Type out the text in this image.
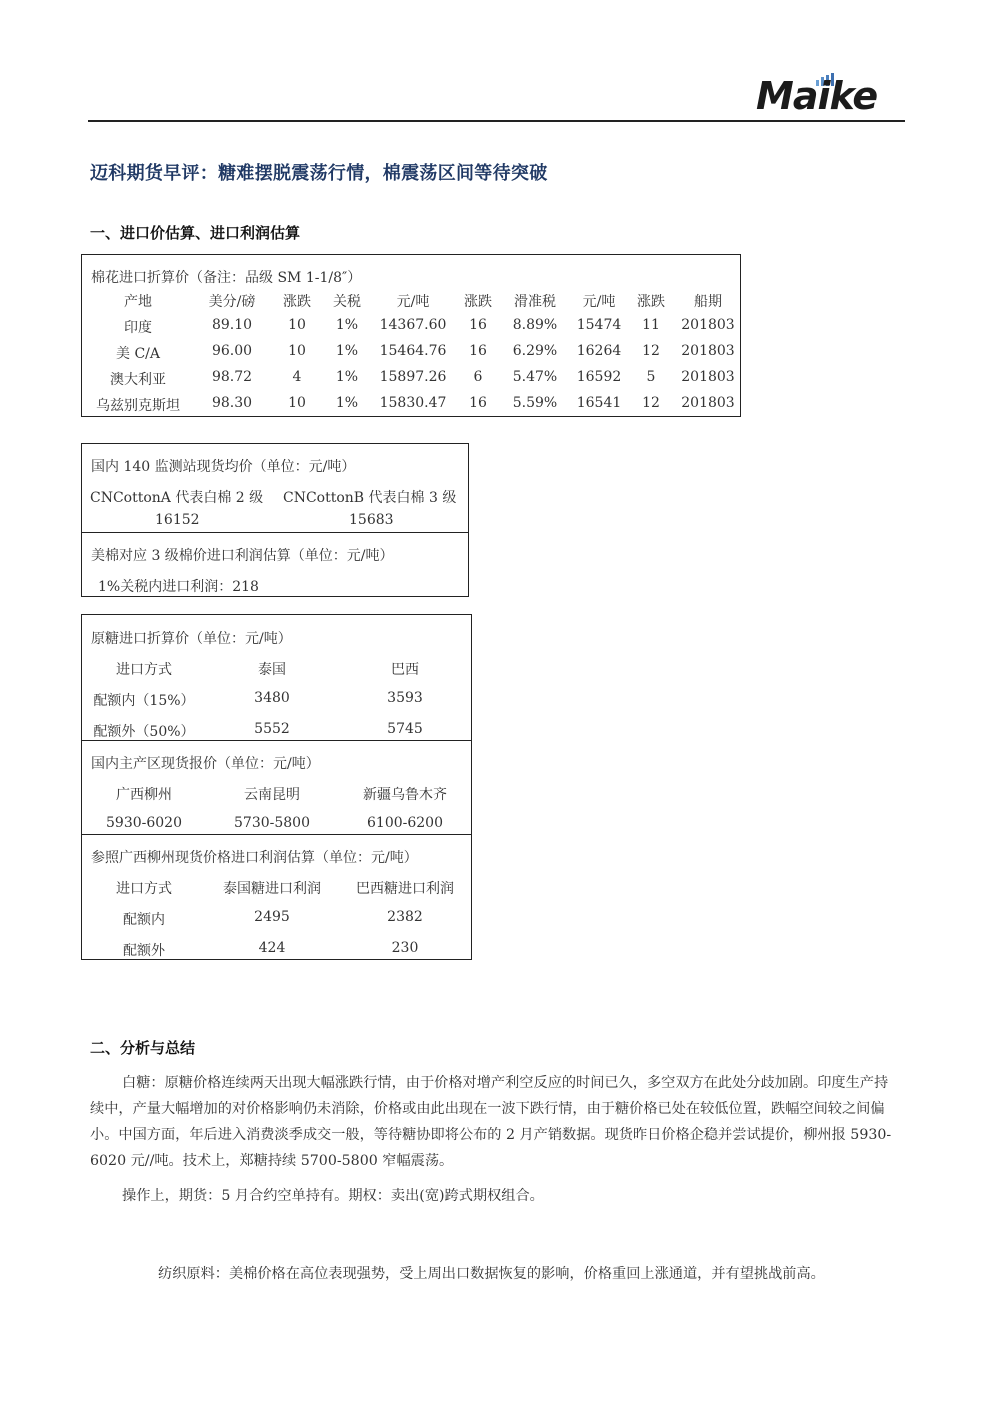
Maike
迈科期货早评：糖难摆脱震荡行情，棉震荡区间等待突破
一、进口价估算、进口利润估算
棉花进口折算价（备注：品级 SM 1-1/8″）
产地	美分/磅 涨跌 关税	元/吨 涨跌 滑准税 元/吨 涨跌 船期
印度	89.10	10 1% 14367.60 16 8.89% 15474 11 201803
美 C/A	96.00	10 1% 15464.76 16 6.29% 16264 12 201803
澳大利亚	98.72	4 1% 15897.26 6 5.47% 16592 5 201803
乌兹别克斯坦 98.30	10 1% 15830.47 16 5.59% 16541 12 201803
国内 140 监测站现货均价（单位：元/吨）
CNCottonA 代表白棉 2 级 CNCottonB 代表白棉 3 级
16152	15683
美棉对应 3 级棉价进口利润估算（单位：元/吨）
1%关税内进口利润：218
原糖进口折算价（单位：元/吨）
国内主产区现货报价（单位：元/吨）
参照广西柳州现货价格进口利润估算（单位：元/吨）
进口方式	泰国	巴西
配额内（15%）	3480	3593
配额外（50%）	5552	5745
广西柳州	云南昆明	新疆乌鲁木齐
5930-6020	5730-5800	6100-6200
进口方式	泰国糖进口利润	巴西糖进口利润
配额内	2495	2382
配额外	424	230
二、分析与总结

白糖：原糖价格连续两天出现大幅涨跌行情，由于价格对增产利空反应的时间已久，多空双方在此处分歧加剧。印度生产持续中，产量大幅增加的对价格影响仍未消除，价格或由此出现在一波下跌行情，由于糖价格已处在较低位置，跌幅空间较之间偏小。中国方面，年后进入消费淡季成交一般，等待糖协即将公布的 2 月产销数据。现货昨日价格企稳并尝试提价，柳州报 5930-6020 元//吨。技术上，郑糖持续 5700-5800 窄幅震荡。

操作上，期货：5 月合约空单持有。期权：卖出(宽)跨式期权组合。

纺织原料：美棉价格在高位表现强势，受上周出口数据恢复的影响，价格重回上涨通道，并有望挑战前高。
